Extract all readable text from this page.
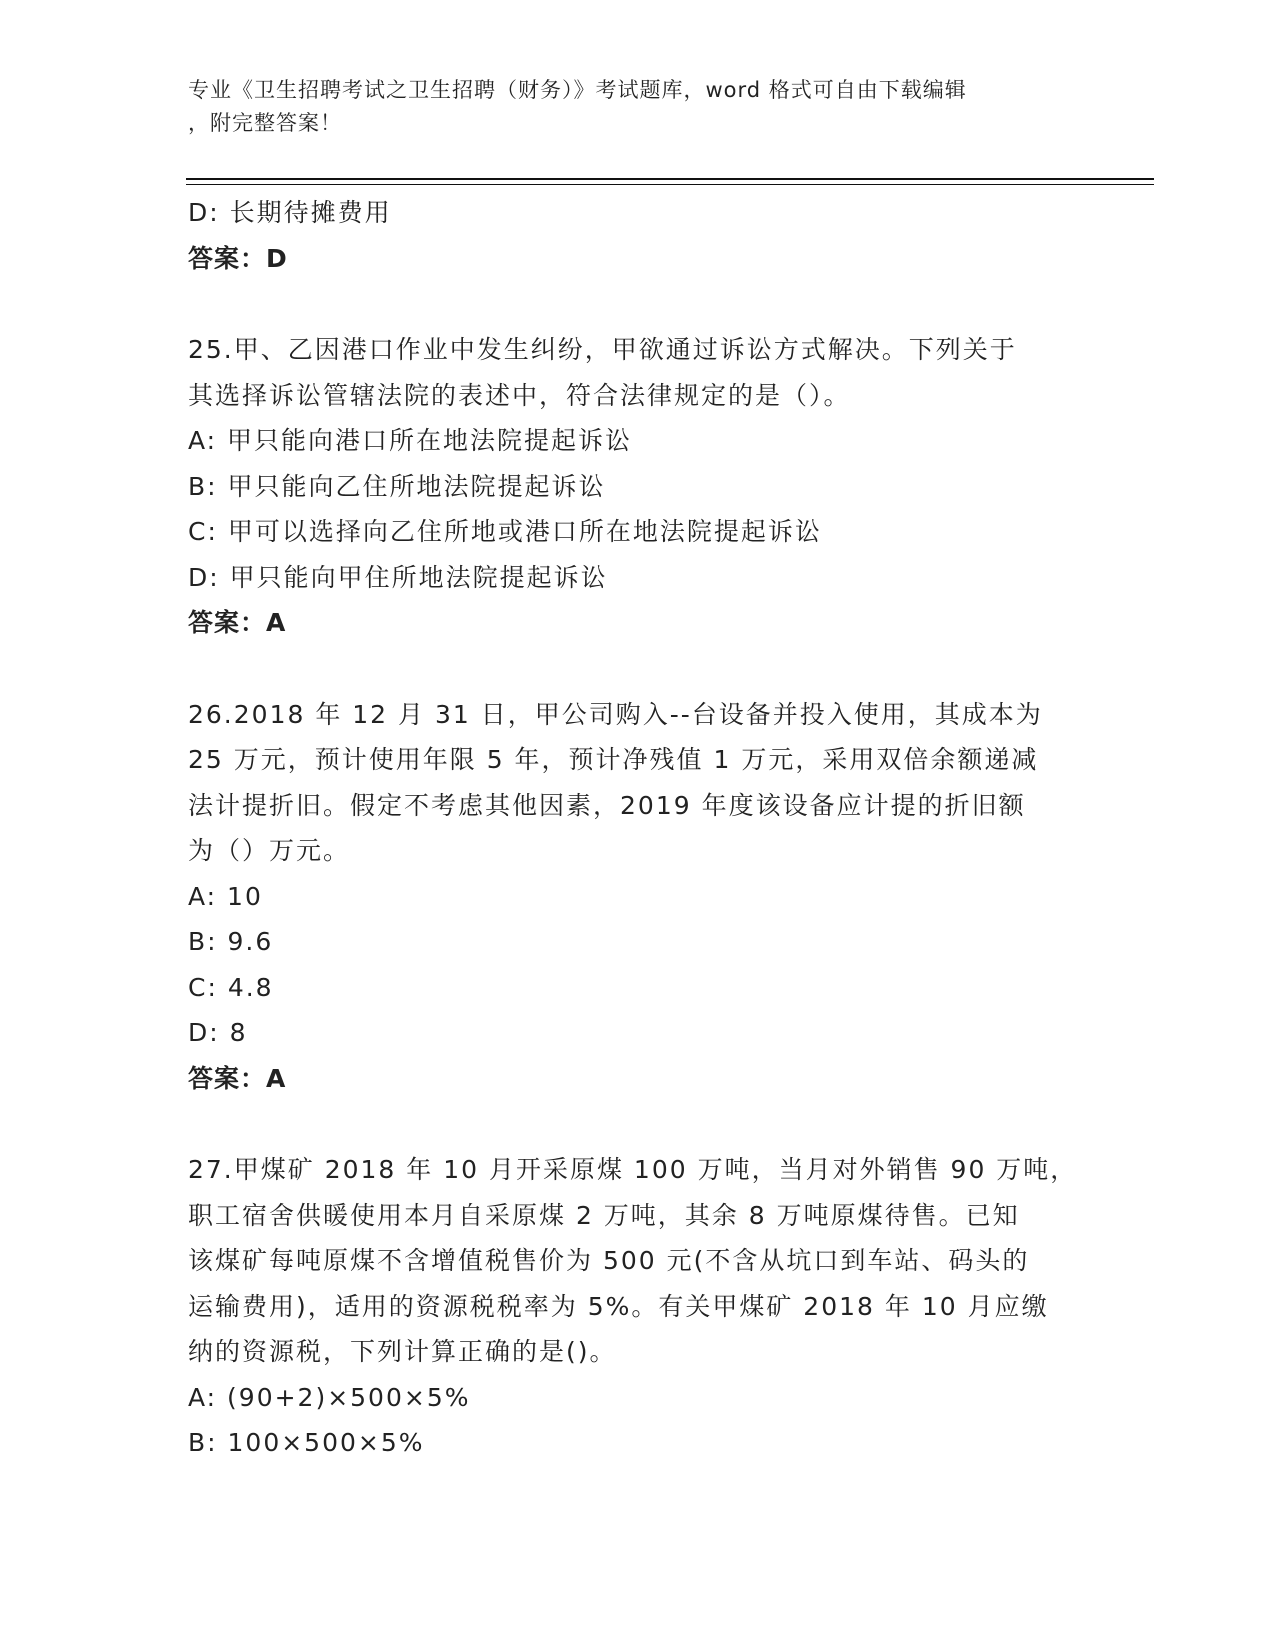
专业《卫生招聘考试之卫生招聘（财务）》考试题库，word 格式可自由下载编辑
，附完整答案！
D: 长期待摊费用
答案：D
25.甲、乙因港口作业中发生纠纷，甲欲通过诉讼方式解决。下列关于
其选择诉讼管辖法院的表述中，符合法律规定的是（）。
A: 甲只能向港口所在地法院提起诉讼
B: 甲只能向乙住所地法院提起诉讼
C: 甲可以选择向乙住所地或港口所在地法院提起诉讼
D: 甲只能向甲住所地法院提起诉讼
答案：A
26.2018 年 12 月 31 日，甲公司购入--台设备并投入使用，其成本为
25 万元，预计使用年限 5 年，预计净残值 1 万元，采用双倍余额递减
法计提折旧。假定不考虑其他因素，2019 年度该设备应计提的折旧额
为（）万元。
A: 10
B: 9.6
C: 4.8
D: 8
答案：A
27.甲煤矿 2018 年 10 月开采原煤 100 万吨，当月对外销售 90 万吨，
职工宿舍供暖使用本月自采原煤 2 万吨，其余 8 万吨原煤待售。已知
该煤矿每吨原煤不含增值税售价为 500 元(不含从坑口到车站、码头的
运输费用)，适用的资源税税率为 5%。有关甲煤矿 2018 年 10 月应缴
纳的资源税，下列计算正确的是()。
A: (90+2)×500×5%
B: 100×500×5%
